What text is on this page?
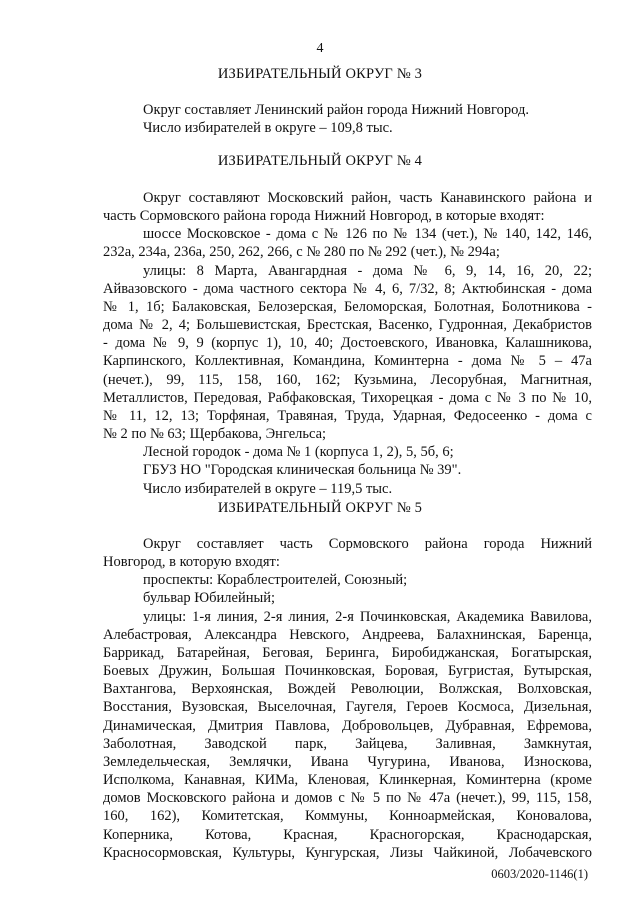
4
ИЗБИРАТЕЛЬНЫЙ ОКРУГ № 3

Округ составляет Ленинский район города Нижний Новгород.

Число избирателей в округе – 109,8 тыс.

ИЗБИРАТЕЛЬНЫЙ ОКРУГ № 4

Округ составляют Московский район, часть Канавинского района и

часть Сормовского района города Нижний Новгород, в которые входят:

шоссе Московское - дома с № 126 по № 134 (чет.), № 140, 142, 146,

232а, 234а, 236а, 250, 262, 266, с № 280 по № 292 (чет.), № 294а;

улицы: 8 Марта, Авангардная - дома № 6, 9, 14, 16, 20, 22;

Айвазовского - дома частного сектора № 4, 6, 7/32, 8; Актюбинская - дома

№ 1, 1б; Балаковская, Белозерская, Беломорская, Болотная, Болотникова -

дома № 2, 4; Большевистская, Брестская, Васенко, Гудронная, Декабристов

- дома № 9, 9 (корпус 1), 10, 40; Достоевского, Ивановка, Калашникова,

Карпинского, Коллективная, Командина, Коминтерна - дома № 5 – 47а

(нечет.), 99, 115, 158, 160, 162; Кузьмина, Лесорубная, Магнитная,

Металлистов, Передовая, Рабфаковская, Тихорецкая - дома с № 3 по № 10,

№ 11, 12, 13; Торфяная, Травяная, Труда, Ударная, Федосеенко - дома с

№ 2 по № 63; Щербакова, Энгельса;

Лесной городок - дома № 1 (корпуса 1, 2), 5, 5б, 6;

ГБУЗ НО "Городская клиническая больница № 39".

Число избирателей в округе – 119,5 тыс.

ИЗБИРАТЕЛЬНЫЙ ОКРУГ № 5

Округ составляет часть Сормовского района города Нижний

Новгород, в которую входят:

проспекты: Кораблестроителей, Союзный;

бульвар Юбилейный;

улицы: 1-я линия, 2-я линия, 2-я Починковская, Академика Вавилова,

Алебастровая, Александра Невского, Андреева, Балахнинская, Баренца,

Баррикад, Батарейная, Беговая, Беринга, Биробиджанская, Богатырская,

Боевых Дружин, Большая Починковская, Боровая, Бугристая, Бутырская,

Вахтангова, Верхоянская, Вождей Революции, Волжская, Волховская,

Восстания, Вузовская, Выселочная, Гаугеля, Героев Космоса, Дизельная,

Динамическая, Дмитрия Павлова, Добровольцев, Дубравная, Ефремова,

Заболотная, Заводской парк, Зайцева, Заливная, Замкнутая,

Земледельческая, Землячки, Ивана Чугурина, Иванова, Износкова,

Исполкома, Канавная, КИМа, Кленовая, Клинкерная, Коминтерна (кроме

домов Московского района и домов с № 5 по № 47а (нечет.), 99, 115, 158,

160, 162), Комитетская, Коммуны, Конноармейская, Коновалова,

Коперника, Котова, Красная, Красногорская, Краснодарская,

Красносормовская, Культуры, Кунгурская, Лизы Чайкиной, Лобачевского

0603/2020-1146(1)
